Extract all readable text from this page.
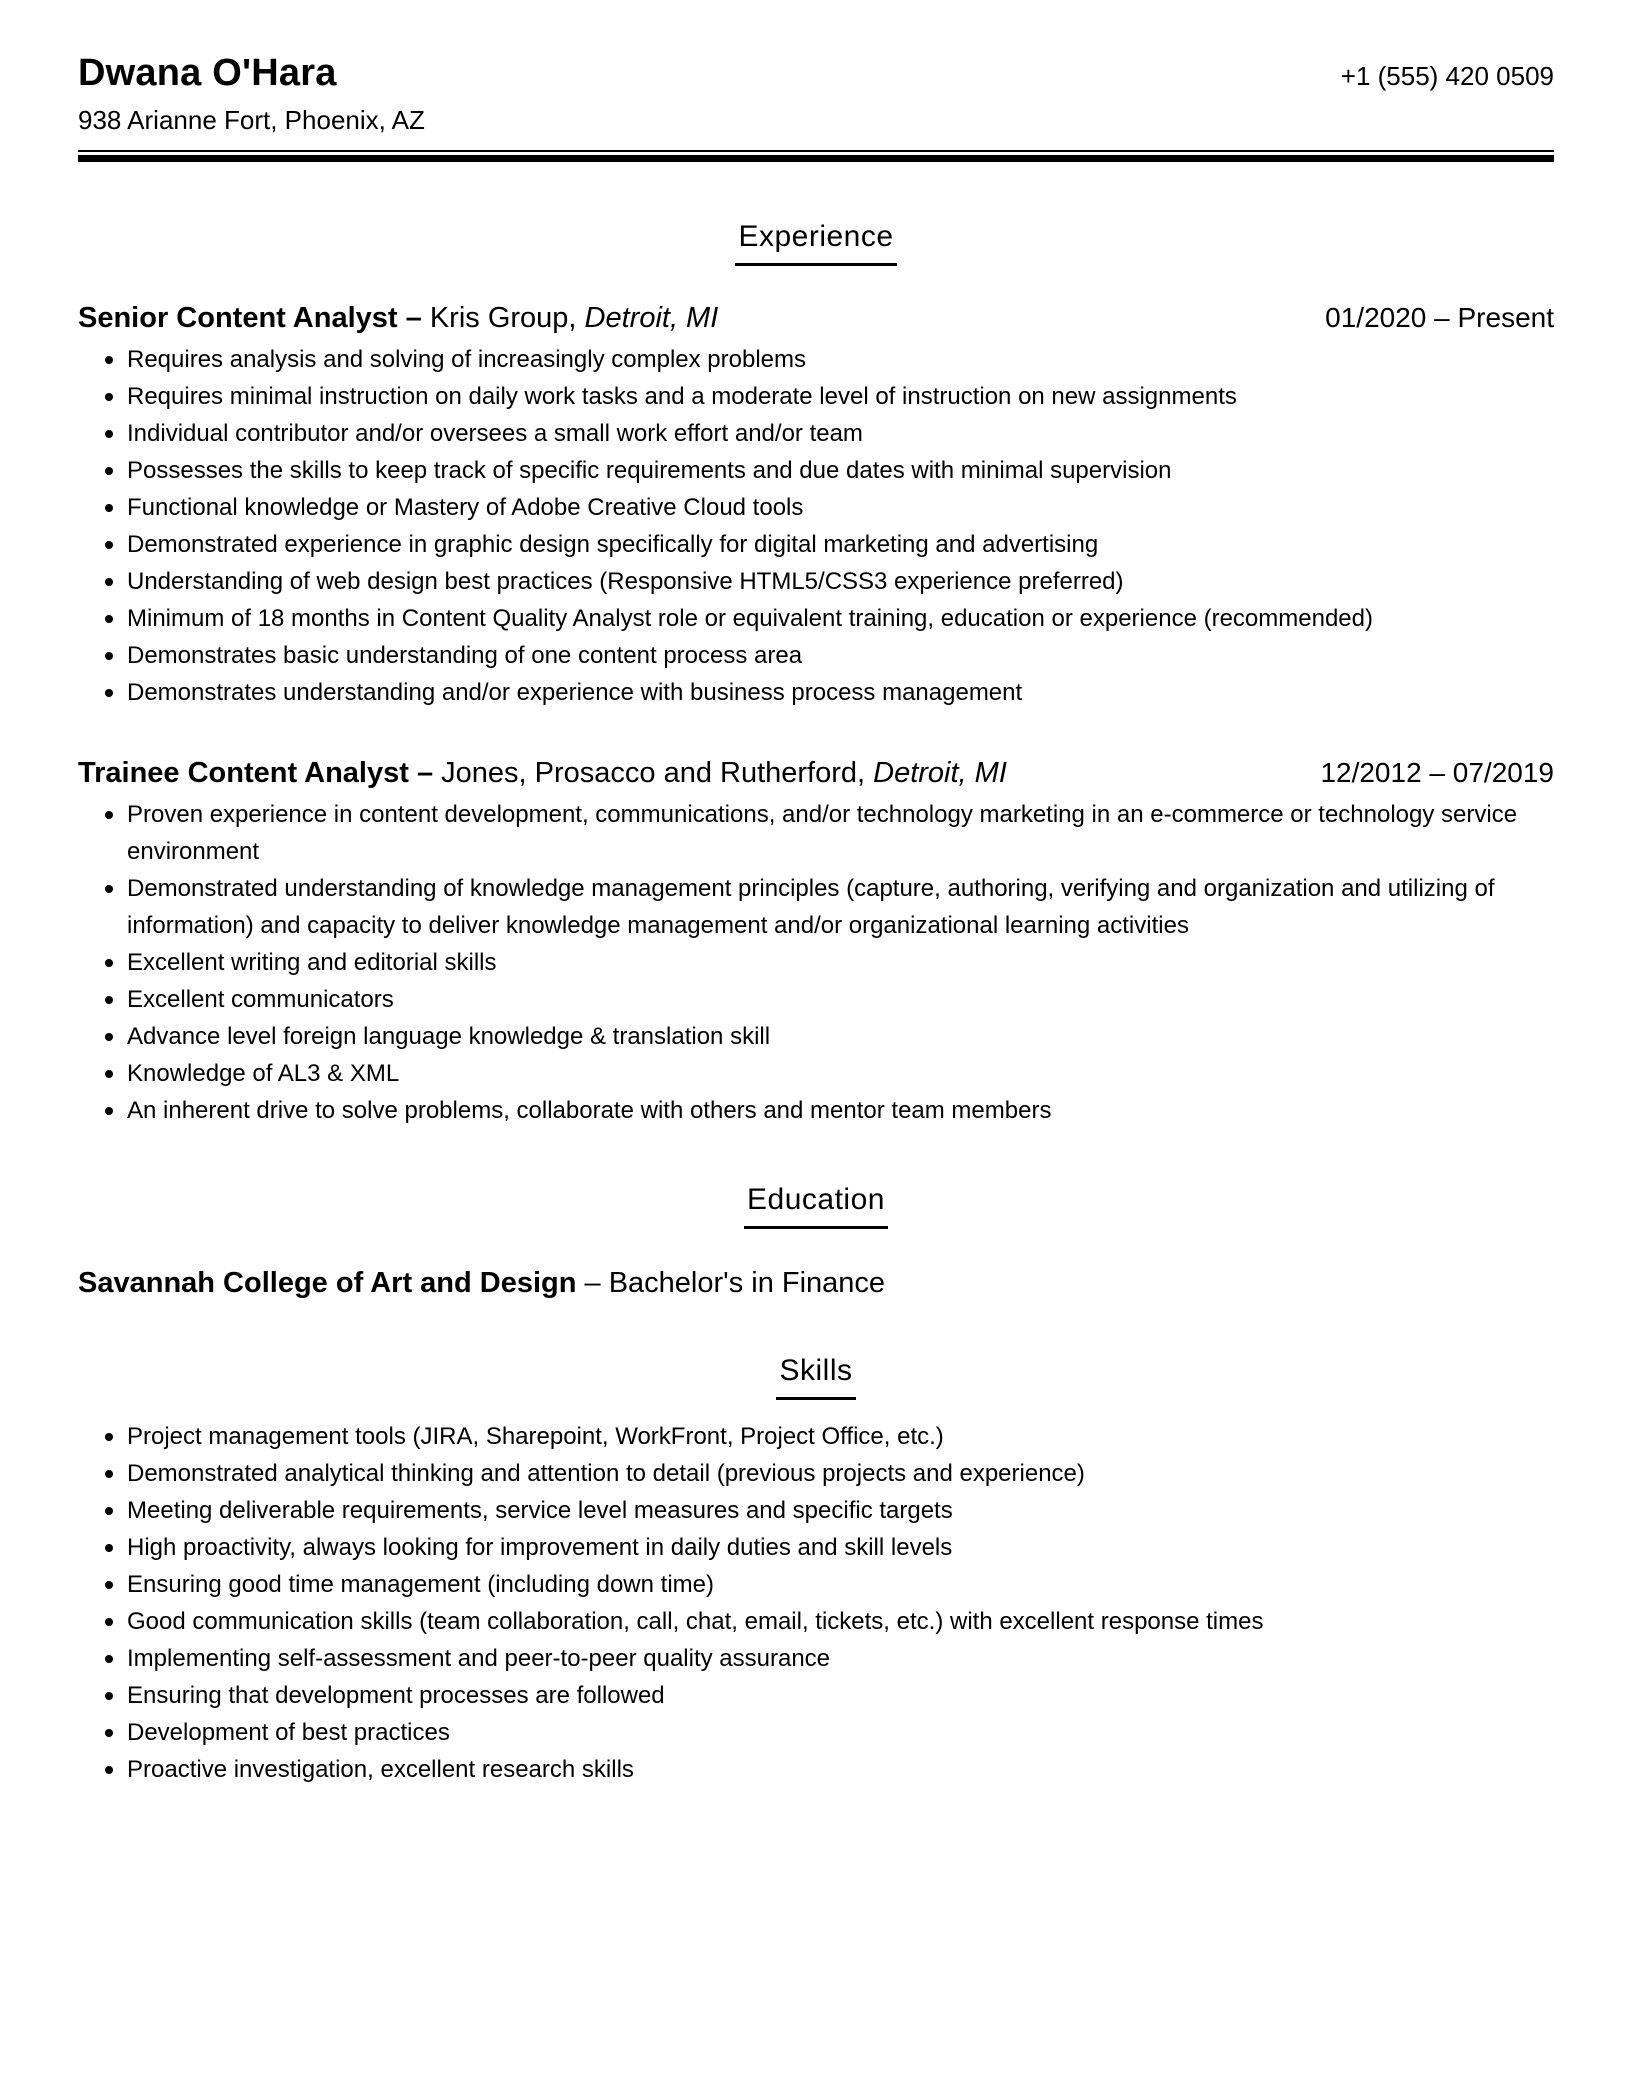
Dwana O'Hara
938 Arianne Fort, Phoenix, AZ
+1 (555) 420 0509
Experience
Senior Content Analyst – Kris Group, Detroit, MI	01/2020 – Present
Requires analysis and solving of increasingly complex problems
Requires minimal instruction on daily work tasks and a moderate level of instruction on new assignments
Individual contributor and/or oversees a small work effort and/or team
Possesses the skills to keep track of specific requirements and due dates with minimal supervision
Functional knowledge or Mastery of Adobe Creative Cloud tools
Demonstrated experience in graphic design specifically for digital marketing and advertising
Understanding of web design best practices (Responsive HTML5/CSS3 experience preferred)
Minimum of 18 months in Content Quality Analyst role or equivalent training, education or experience (recommended)
Demonstrates basic understanding of one content process area
Demonstrates understanding and/or experience with business process management
Trainee Content Analyst – Jones, Prosacco and Rutherford, Detroit, MI	12/2012 – 07/2019
Proven experience in content development, communications, and/or technology marketing in an e-commerce or technology service environment
Demonstrated understanding of knowledge management principles (capture, authoring, verifying and organization and utilizing of information) and capacity to deliver knowledge management and/or organizational learning activities
Excellent writing and editorial skills
Excellent communicators
Advance level foreign language knowledge & translation skill
Knowledge of AL3 & XML
An inherent drive to solve problems, collaborate with others and mentor team members
Education
Savannah College of Art and Design – Bachelor's in Finance
Skills
Project management tools (JIRA, Sharepoint, WorkFront, Project Office, etc.)
Demonstrated analytical thinking and attention to detail (previous projects and experience)
Meeting deliverable requirements, service level measures and specific targets
High proactivity, always looking for improvement in daily duties and skill levels
Ensuring good time management (including down time)
Good communication skills (team collaboration, call, chat, email, tickets, etc.) with excellent response times
Implementing self-assessment and peer-to-peer quality assurance
Ensuring that development processes are followed
Development of best practices
Proactive investigation, excellent research skills
